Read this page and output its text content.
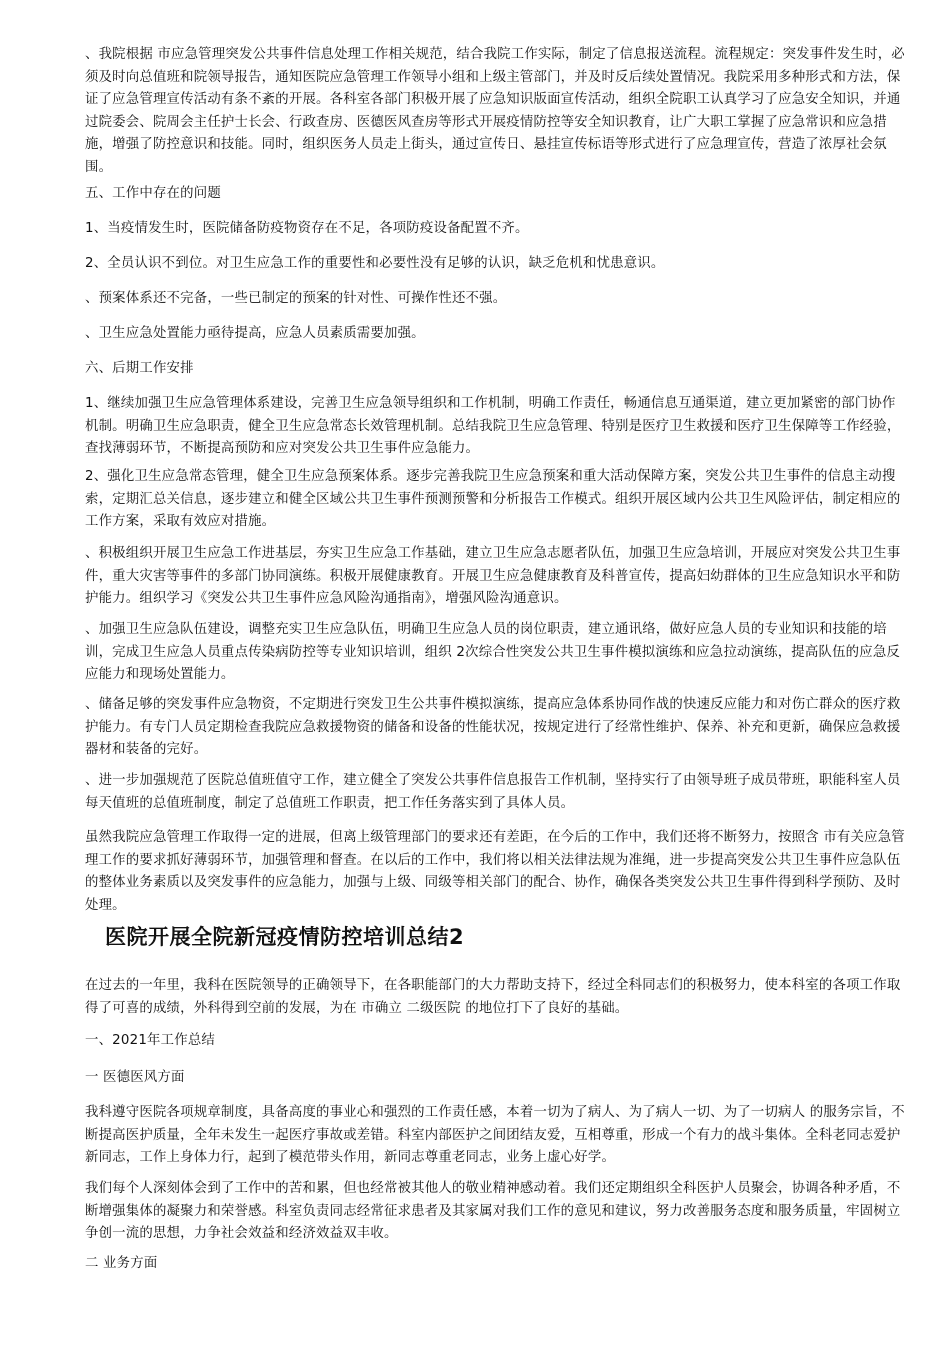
、我院根据 市应急管理突发公共事件信息处理工作相关规范，结合我院工作实际，制定了信息报送流程。流程规定：突发事件发生时，必须及时向总值班和院领导报告，通知医院应急管理工作领导小组和上级主管部门，并及时反后续处置情况。我院采用多种形式和方法，保证了应急管理宣传活动有条不紊的开展。各科室各部门积极开展了应急知识版面宣传活动，组织全院职工认真学习了应急安全知识，并通过院委会、院周会主任护士长会、行政查房、医德医风查房等形式开展疫情防控等安全知识教育，让广大职工掌握了应急常识和应急措施，增强了防控意识和技能。同时，组织医务人员走上街头，通过宣传日、悬挂宣传标语等形式进行了应急理宣传，营造了浓厚社会氛围。

五、工作中存在的问题

1、当疫情发生时，医院储备防疫物资存在不足，各项防疫设备配置不齐。

2、全员认识不到位。对卫生应急工作的重要性和必要性没有足够的认识，缺乏危机和忧患意识。

、预案体系还不完备，一些已制定的预案的针对性、可操作性还不强。

、卫生应急处置能力亟待提高，应急人员素质需要加强。

六、后期工作安排

1、继续加强卫生应急管理体系建设，完善卫生应急领导组织和工作机制，明确工作责任，畅通信息互通渠道，建立更加紧密的部门协作机制。明确卫生应急职责，健全卫生应急常态长效管理机制。总结我院卫生应急管理、特别是医疗卫生救援和医疗卫生保障等工作经验，查找薄弱环节，不断提高预防和应对突发公共卫生事件应急能力。

2、强化卫生应急常态管理，健全卫生应急预案体系。逐步完善我院卫生应急预案和重大活动保障方案，突发公共卫生事件的信息主动搜索，定期汇总关信息，逐步建立和健全区域公共卫生事件预测预警和分析报告工作模式。组织开展区域内公共卫生风险评估，制定相应的工作方案，采取有效应对措施。

、积极组织开展卫生应急工作进基层，夯实卫生应急工作基础，建立卫生应急志愿者队伍，加强卫生应急培训，开展应对突发公共卫生事件，重大灾害等事件的多部门协同演练。积极开展健康教育。开展卫生应急健康教育及科普宣传，提高妇幼群体的卫生应急知识水平和防护能力。组织学习《突发公共卫生事件应急风险沟通指南》，增强风险沟通意识。

、加强卫生应急队伍建设，调整充实卫生应急队伍，明确卫生应急人员的岗位职责，建立通讯络，做好应急人员的专业知识和技能的培训，完成卫生应急人员重点传染病防控等专业知识培训，组织 2次综合性突发公共卫生事件模拟演练和应急拉动演练，提高队伍的应急反应能力和现场处置能力。

、储备足够的突发事件应急物资，不定期进行突发卫生公共事件模拟演练，提高应急体系协同作战的快速反应能力和对伤亡群众的医疗救护能力。有专门人员定期检查我院应急救援物资的储备和设备的性能状况，按规定进行了经常性维护、保养、补充和更新，确保应急救援器材和装备的完好。

、进一步加强规范了医院总值班值守工作，建立健全了突发公共事件信息报告工作机制，坚持实行了由领导班子成员带班，职能科室人员每天值班的总值班制度，制定了总值班工作职责，把工作任务落实到了具体人员。

虽然我院应急管理工作取得一定的进展，但离上级管理部门的要求还有差距，在今后的工作中，我们还将不断努力，按照含 市有关应急管理工作的要求抓好薄弱环节，加强管理和督查。在以后的工作中，我们将以相关法律法规为准绳，进一步提高突发公共卫生事件应急队伍的整体业务素质以及突发事件的应急能力，加强与上级、同级等相关部门的配合、协作，确保各类突发公共卫生事件得到科学预防、及时处理。

医院开展全院新冠疫情防控培训总结2

在过去的一年里，我科在医院领导的正确领导下，在各职能部门的大力帮助支持下，经过全科同志们的积极努力，使本科室的各项工作取得了可喜的成绩，外科得到空前的发展，为在 市确立 二级医院 的地位打下了良好的基础。

一、2021年工作总结

一 医德医风方面

我科遵守医院各项规章制度，具备高度的事业心和强烈的工作责任感，本着一切为了病人、为了病人一切、为了一切病人 的服务宗旨，不断提高医护质量，全年未发生一起医疗事故或差错。科室内部医护之间团结友爱，互相尊重，形成一个有力的战斗集体。全科老同志爱护新同志，工作上身体力行，起到了模范带头作用，新同志尊重老同志，业务上虚心好学。

我们每个人深刻体会到了工作中的苦和累，但也经常被其他人的敬业精神感动着。我们还定期组织全科医护人员聚会，协调各种矛盾，不断增强集体的凝聚力和荣誉感。科室负责同志经常征求患者及其家属对我们工作的意见和建议，努力改善服务态度和服务质量，牢固树立争创一流的思想，力争社会效益和经济效益双丰收。

二 业务方面
